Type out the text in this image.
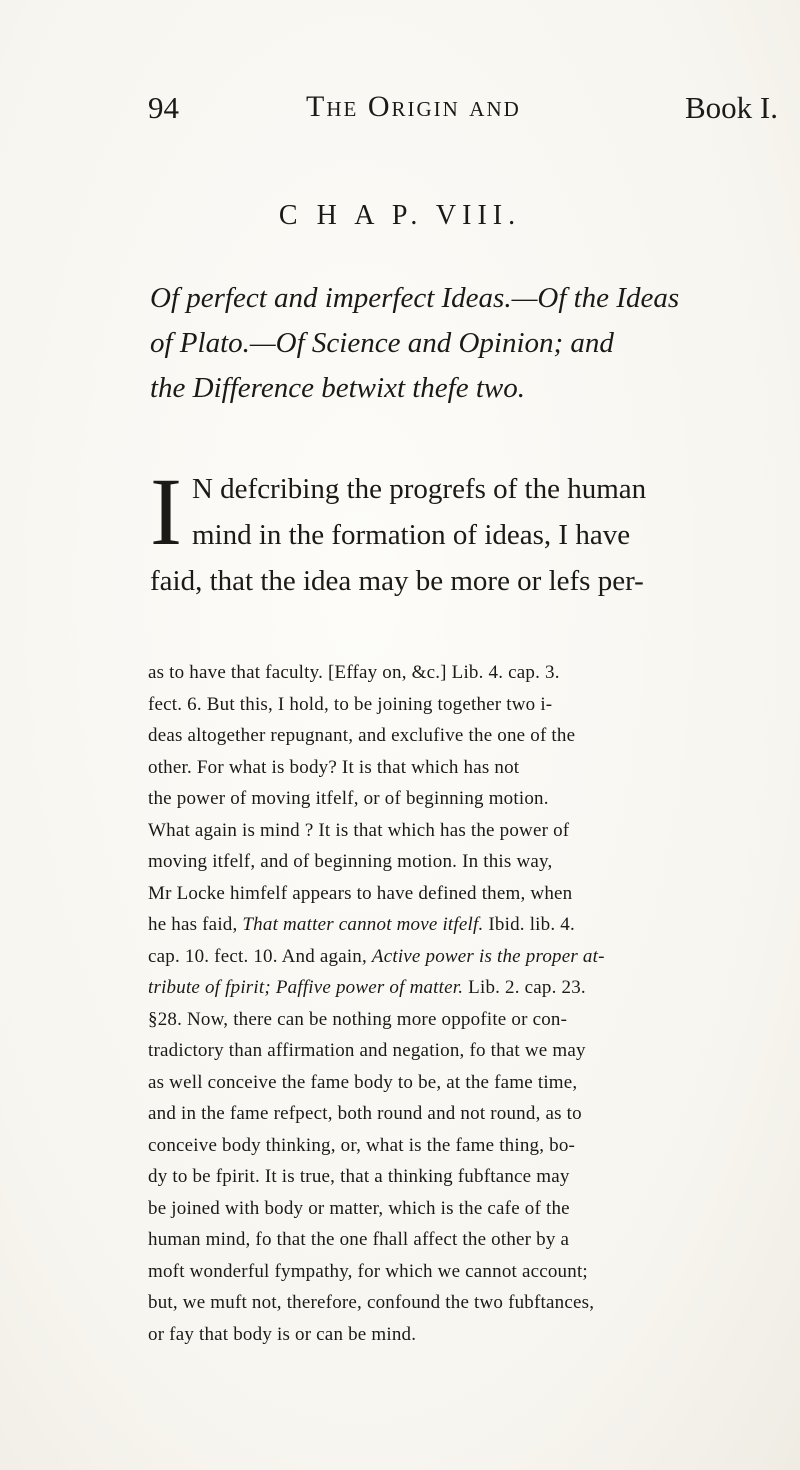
94	The Origin and	Book I.
C H A P. VIII.
Of perfect and imperfect Ideas.—Of the Ideas
of Plato.—Of Science and Opinion; and
the Difference betwixt thefe two.
I N defcribing the progrefs of the human
mind in the formation of ideas, I have
faid, that the idea may be more or lefs per-
as to have that faculty. [Effay on, &c.] Lib. 4. cap. 3.
fect. 6. But this, I hold, to be joining together two i-
deas altogether repugnant, and exclufive the one of the
other. For what is body? It is that which has not
the power of moving itfelf, or of beginning motion.
What again is mind ? It is that which has the power of
moving itfelf, and of beginning motion. In this way,
Mr Locke himfelf appears to have defined them, when
he has faid, That matter cannot move itfelf. Ibid. lib. 4.
cap. 10. fect. 10. And again, Active power is the proper at-
tribute of fpirit; Paffive power of matter. Lib. 2. cap. 23.
§28. Now, there can be nothing more oppofite or con-
tradictory than affirmation and negation, fo that we may
as well conceive the fame body to be, at the fame time,
and in the fame refpect, both round and not round, as to
conceive body thinking, or, what is the fame thing, bo-
dy to be fpirit. It is true, that a thinking fubftance may
be joined with body or matter, which is the cafe of the
human mind, fo that the one fhall affect the other by a
moft wonderful fympathy, for which we cannot account;
but, we muft not, therefore, confound the two fubftances,
or fay that body is or can be mind.
